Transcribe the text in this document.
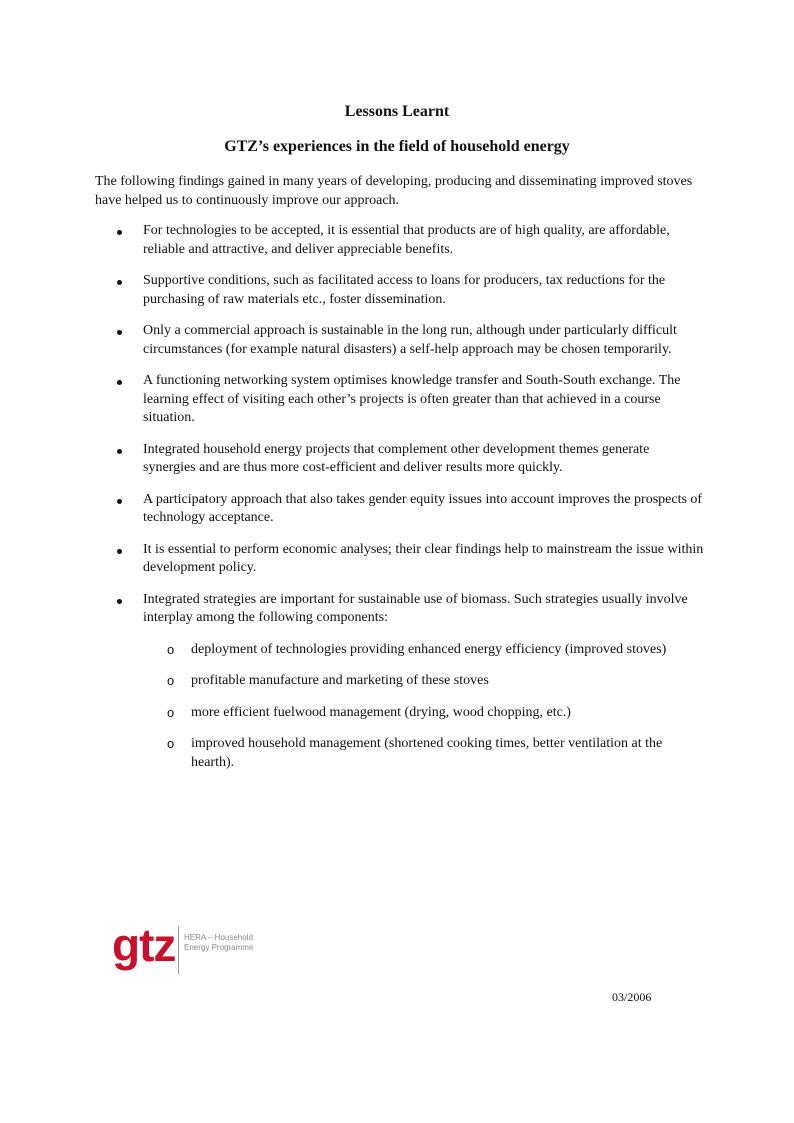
Lessons Learnt
GTZ’s experiences in the field of household energy

The following findings gained in many years of developing, producing and disseminating improved stoves have helped us to continuously improve our approach.

For technologies to be accepted, it is essential that products are of high quality, are affordable, reliable and attractive, and deliver appreciable benefits.
Supportive conditions, such as facilitated access to loans for producers, tax reductions for the purchasing of raw materials etc., foster dissemination.
Only a commercial approach is sustainable in the long run, although under particularly difficult circumstances (for example natural disasters) a self-help approach may be chosen temporarily.
A functioning networking system optimises knowledge transfer and South-South exchange. The learning effect of visiting each other’s projects is often greater than that achieved in a course situation.
Integrated household energy projects that complement other development themes generate synergies and are thus more cost-efficient and deliver results more quickly.
A participatory approach that also takes gender equity issues into account improves the prospects of technology acceptance.
It is essential to perform economic analyses; their clear findings help to mainstream the issue within development policy.
Integrated strategies are important for sustainable use of biomass. Such strategies usually involve interplay among the following components:
o deployment of technologies providing enhanced energy efficiency (improved stoves)
o profitable manufacture and marketing of these stoves
o more efficient fuelwood management (drying, wood chopping, etc.)
o improved household management (shortened cooking times, better ventilation at the hearth).
gtz HERA – Household
Energy Programme

03/2006
